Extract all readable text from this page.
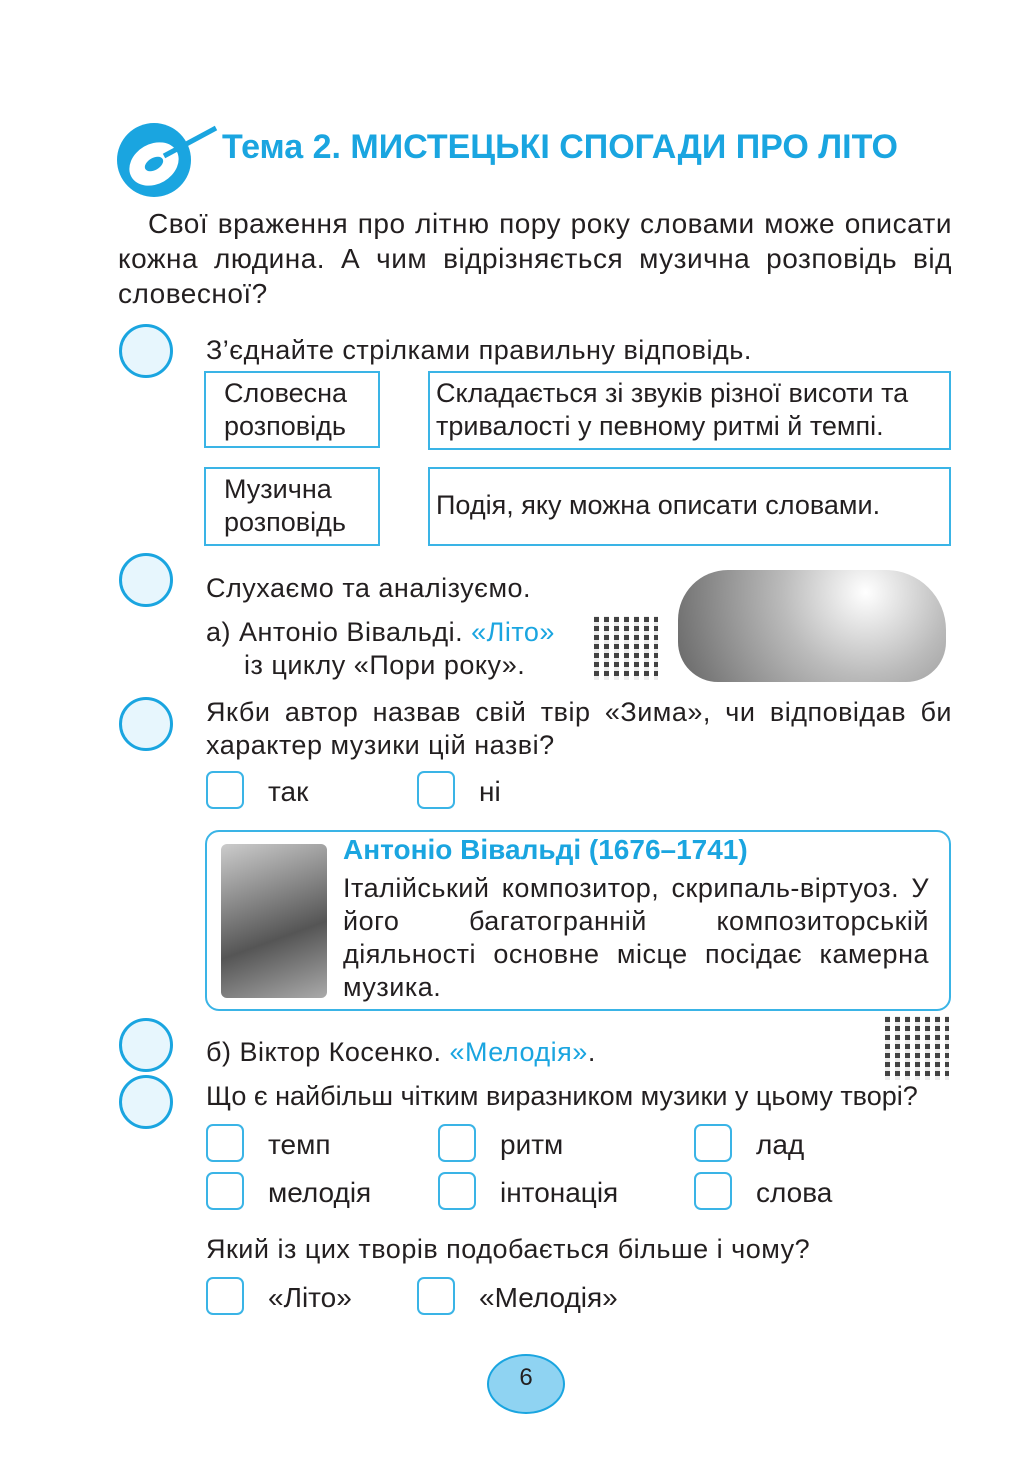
Тема 2. МИСТЕЦЬКІ СПОГАДИ ПРО ЛІТО
Свої враження про літню пору року словами може описати кожна людина. А чим відрізняється музична розповідь від словесної?
З’єднайте стрілками правильну відповідь.
Словесна розповідь
Музична розповідь
Складається зі звуків різної висоти та тривалості у певному ритмі й темпі.
Подія, яку можна описати словами.
Слухаємо та аналізуємо.
а) Антоніо Вівальді. «Літо»
із циклу «Пори року».
Якби автор назвав свій твір «Зима», чи відповідав би характер музики цій назві?
так	ні
Антоніо Вівальді (1676–1741)
Італійський композитор, скрипаль-віртуоз. У його багатогранній композиторській діяльності основне місце посідає камерна музика.
б) Віктор Косенко. «Мелодія».
Що є найбільш чітким виразником музики у цьому творі?
темп	ритм	лад
мелодія	інтонація	слова
Який із цих творів подобається більше і чому?
«Літо»	«Мелодія»
6
